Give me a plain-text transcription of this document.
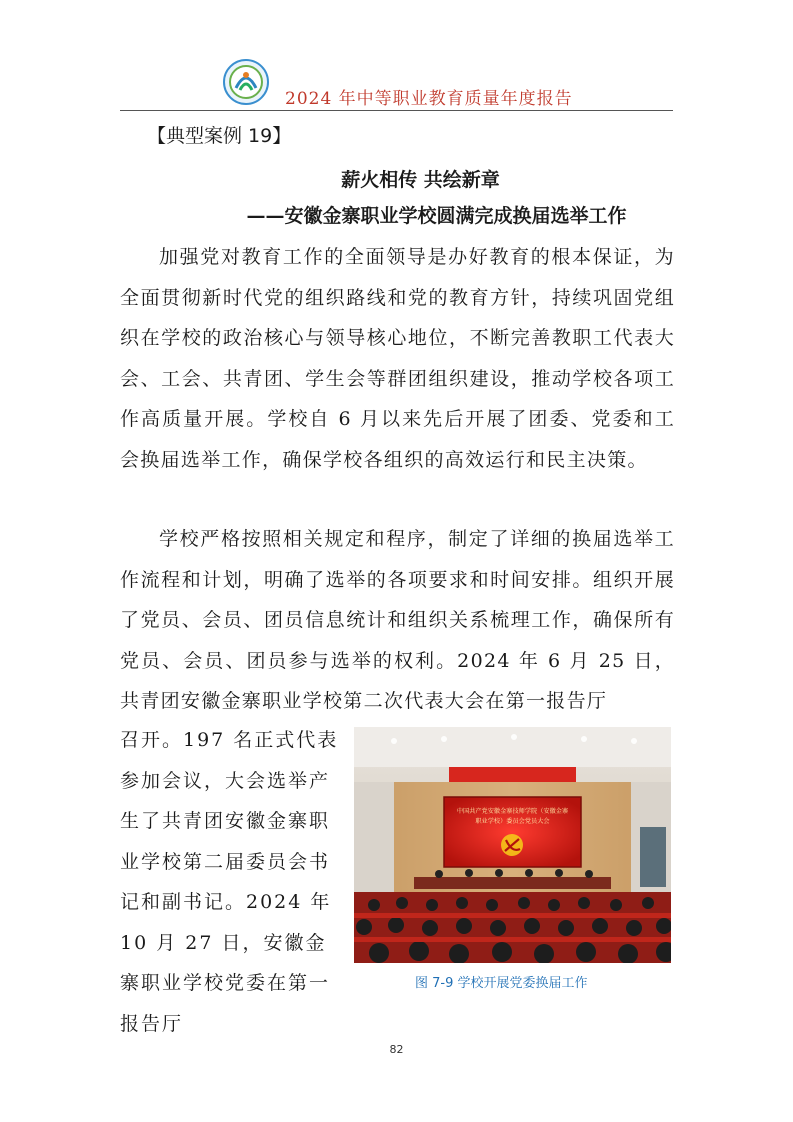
2024 年中等职业教育质量年度报告
【典型案例 19】
薪火相传 共绘新章
——安徽金寨职业学校圆满完成换届选举工作

加强党对教育工作的全面领导是办好教育的根本保证，为全面贯彻新时代党的组织路线和党的教育方针，持续巩固党组织在学校的政治核心与领导核心地位，不断完善教职工代表大会、工会、共青团、学生会等群团组织建设，推动学校各项工作高质量开展。学校自 6 月以来先后开展了团委、党委和工会换届选举工作，确保学校各组织的高效运行和民主决策。

学校严格按照相关规定和程序，制定了详细的换届选举工作流程和计划，明确了选举的各项要求和时间安排。组织开展了党员、会员、团员信息统计和组织关系梳理工作，确保所有党员、会员、团员参与选举的权利。2024 年 6 月 25 日，共青团安徽金寨职业学校第二次代表大会在第一报告厅

召开。197 名正式代表参加会议，大会选举产生了共青团安徽金寨职业学校第二届委员会书记和副书记。2024 年 10 月 27 日，安徽金寨职业学校党委在第一报告厅

中国共产党安徽金寨技师学院（安徽金寨
职业学校）委员会党员大会
图 7-9 学校开展党委换届工作
82
